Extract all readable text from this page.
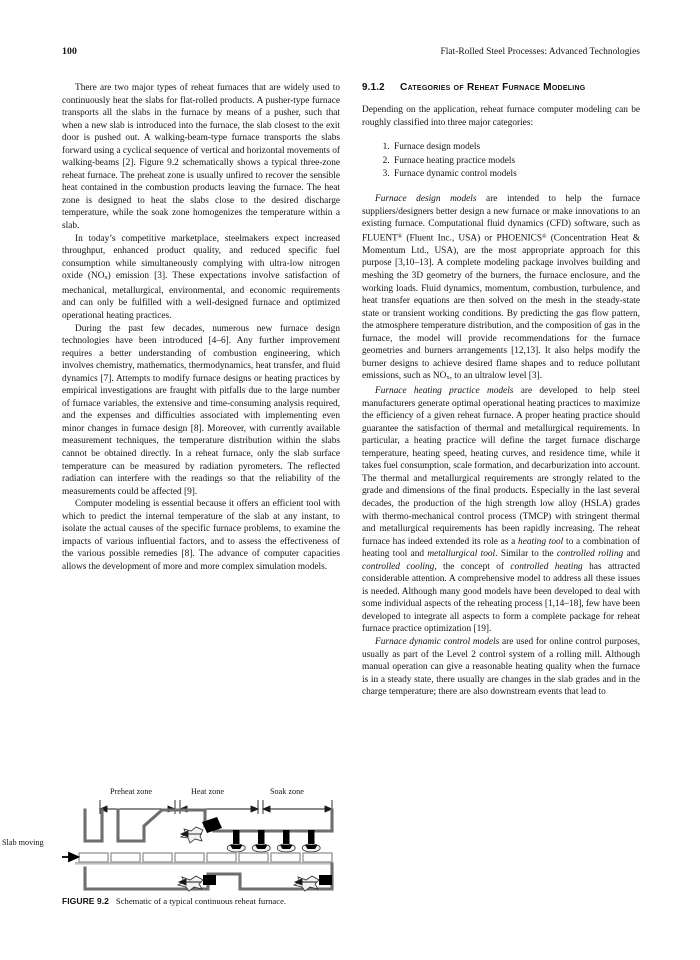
100	Flat-Rolled Steel Processes: Advanced Technologies

There are two major types of reheat furnaces that are widely used to continuously heat the slabs for flat-rolled products. A pusher-type furnace transports all the slabs in the furnace by means of a pusher, such that when a new slab is introduced into the furnace, the slab closest to the exit door is pushed out. A walking-beam-type furnace transports the slabs forward using a cyclical sequence of vertical and horizontal movements of walking-beams [2]. Figure 9.2 schematically shows a typical three-zone reheat furnace. The preheat zone is usually unfired to recover the sensible heat contained in the combustion products leaving the furnace. The heat zone is designed to heat the slabs close to the desired discharge temperature, while the soak zone homogenizes the temperature within a slab.

In today’s competitive marketplace, steelmakers expect increased throughput, enhanced product quality, and reduced specific fuel consumption while simultaneously complying with ultra-low nitrogen oxide $(NO_x)$ emission [3]. These expectations involve satisfaction of mechanical, metallurgical, environmental, and economic requirements and can only be fulfilled with a well-designed furnace and optimized operational heating practices.

During the past few decades, numerous new furnace design technologies have been introduced [4–6]. Any further improvement requires a better understanding of combustion engineering, which involves chemistry, mathematics, thermodynamics, heat transfer, and fluid dynamics [7]. Attempts to modify furnace designs or heating practices by empirical investigations are fraught with pitfalls due to the large number of furnace variables, the extensive and time-consuming analysis required, and the expenses and difficulties associated with implementing even minor changes in furnace design [8]. Moreover, with currently available measurement techniques, the temperature distribution within the slabs cannot be obtained directly. In a reheat furnace, only the slab surface temperature can be measured by radiation pyrometers. The reflected radiation can interfere with the readings so that the reliability of the measurements could be affected [9].

Computer modeling is essential because it offers an efficient tool with which to predict the internal temperature of the slab at any instant, to isolate the actual causes of the specific furnace problems, to examine the impacts of various influential factors, and to assess the effectiveness of the various possible remedies [8]. The advance of computer capacities allows the development of more and more complex simulation models.

9.1.2	Categories of Reheat Furnace Modeling

Depending on the application, reheat furnace computer modeling can be roughly classified into three major categories:

1. Furnace design models
2. Furnace heating practice models
3. Furnace dynamic control models

Furnace design models are intended to help the furnace suppliers/designers better design a new furnace or make innovations to an existing furnace. Computational fluid dynamics (CFD) software, such as FLUENT® (Fluent Inc., USA) or PHOENICS® (Concentration Heat & Momentum Ltd., USA), are the most appropriate approach for this purpose [3,10–13]. A complete modeling package involves building and meshing the 3D geometry of the burners, the furnace enclosure, and the working loads. Fluid dynamics, momentum, combustion, turbulence, and heat transfer equations are then solved on the mesh in the steady-state state or transient working conditions. By predicting the gas flow pattern, the atmosphere temperature distribution, and the composition of gas in the furnace, the model will provide recommendations for the furnace geometries and burners arrangements [12,13]. It also helps modify the burner designs to achieve desired flame shapes and to reduce pollutant emissions, such as $NO_x$, to an ultralow level [3].

Furnace heating practice models are developed to help steel manufacturers generate optimal operational heating practices to maximize the efficiency of a given reheat furnace. A proper heating practice should guarantee the satisfaction of thermal and metallurgical requirements. In particular, a heating practice will define the target furnace discharge temperature, heating speed, heating curves, and residence time, while it takes fuel consumption, scale formation, and decarburization into account. The thermal and metallurgical requirements are strongly related to the grade and dimensions of the final products. Especially in the last several decades, the production of the high strength low alloy (HSLA) grades with thermo-mechanical control process (TMCP) with stringent thermal and metallurgical requirements has been rapidly increasing. The reheat furnace has indeed extended its role as a heating tool to a combination of heating tool and metallurgical tool. Similar to the controlled rolling and controlled cooling, the concept of controlled heating has attracted considerable attention. A comprehensive model to address all these issues is needed. Although many good models have been developed to deal with some individual aspects of the reheating process [1,14–18], few have been developed to integrate all aspects to form a complete package for reheat furnace practice optimization [19].

Furnace dynamic control models are used for online control purposes, usually as part of the Level 2 control system of a rolling mill. Although manual operation can give a reasonable heating quality when the furnace is in a steady state, there usually are changes in the slab grades and in the charge temperature; there are also downstream events that lead to

Preheat zone	Heat zone	Soak zone
Slab moving
FIGURE 9.2 Schematic of a typical continuous reheat furnace.
